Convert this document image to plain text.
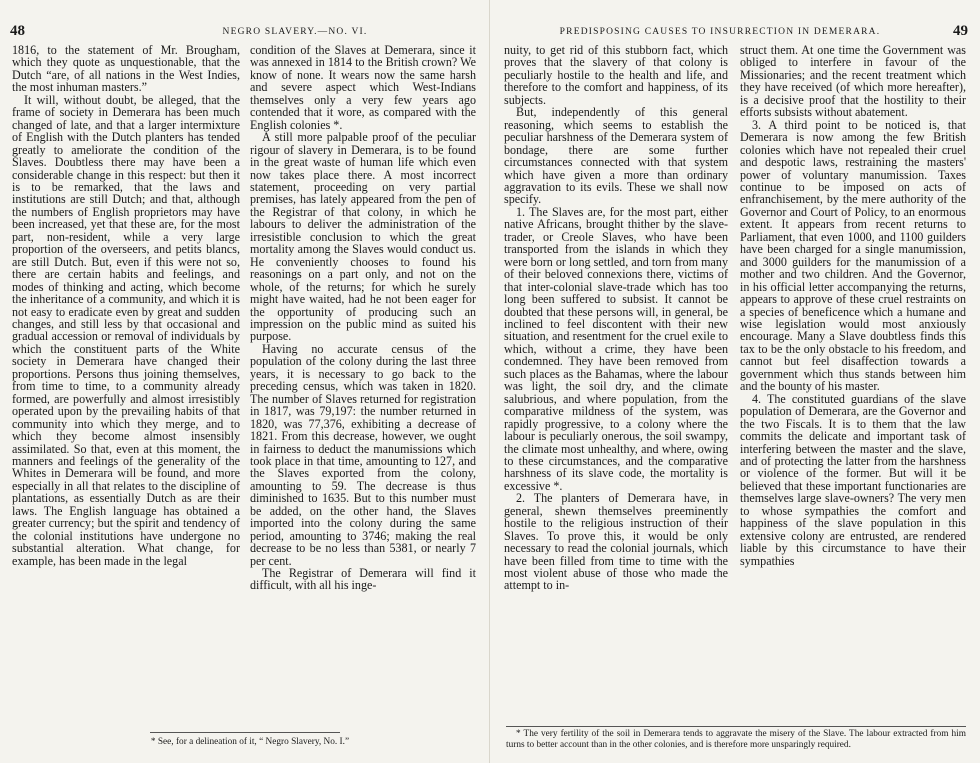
48	NEGRO SLAVERY.—NO. VI.

1816, to the statement of Mr. Brougham, which they quote as unquestionable, that the Dutch “are, of all nations in the West Indies, the most inhuman masters.”

It will, without doubt, be alleged, that the frame of society in Demerara has been much changed of late, and that a larger intermixture of English with the Dutch planters has tended greatly to ameliorate the condition of the Slaves. Doubtless there may have been a considerable change in this respect: but then it is to be remarked, that the laws and institutions are still Dutch; and that, although the numbers of English proprietors may have been increased, yet that these are, for the most part, non-resident, while a very large proportion of the overseers, and petits blancs, are still Dutch. But, even if this were not so, there are certain habits and feelings, and modes of thinking and acting, which become the inheritance of a community, and which it is not easy to eradicate even by great and sudden changes, and still less by that occasional and gradual accession or removal of individuals by which the constituent parts of the White society in Demerara have changed their proportions. Persons thus joining themselves, from time to time, to a community already formed, are powerfully and almost irresistibly operated upon by the prevailing habits of that community into which they merge, and to which they become almost insensibly assimilated. So that, even at this moment, the manners and feelings of the generality of the Whites in Demerara will be found, and more especially in all that relates to the discipline of plantations, as essentially Dutch as are their laws. The English language has obtained a greater currency; but the spirit and tendency of the colonial institutions have undergone no substantial alteration. What change, for example, has been made in the legal

condition of the Slaves at Demerara, since it was annexed in 1814 to the British crown? We know of none. It wears now the same harsh and severe aspect which West-Indians themselves only a very few years ago contended that it wore, as compared with the English colonies *.

A still more palpable proof of the peculiar rigour of slavery in Demerara, is to be found in the great waste of human life which even now takes place there. A most incorrect statement, proceeding on very partial premises, has lately appeared from the pen of the Registrar of that colony, in which he labours to deliver the administration of the irresistible conclusion to which the great mortality among the Slaves would conduct us. He conveniently chooses to found his reasonings on a part only, and not on the whole, of the returns; for which he surely might have waited, had he not been eager for the opportunity of producing such an impression on the public mind as suited his purpose.

Having no accurate census of the population of the colony during the last three years, it is necessary to go back to the preceding census, which was taken in 1820. The number of Slaves returned for registration in 1817, was 79,197: the number returned in 1820, was 77,376, exhibiting a decrease of 1821. From this decrease, however, we ought in fairness to deduct the manumissions which took place in that time, amounting to 127, and the Slaves exported from the colony, amounting to 59. The decrease is thus diminished to 1635. But to this number must be added, on the other hand, the Slaves imported into the colony during the same period, amounting to 3746; making the real decrease to be no less than 5381, or nearly 7 per cent.

The Registrar of Demerara will find it difficult, with all his inge-

* See, for a delineation of it, “ Negro Slavery, No. I.”

PREDISPOSING CAUSES TO INSURRECTION IN DEMERARA.	49

nuity, to get rid of this stubborn fact, which proves that the slavery of that colony is peculiarly hostile to the health and life, and therefore to the comfort and happiness, of its subjects.

But, independently of this general reasoning, which seems to establish the peculiar harshness of the Demerara system of bondage, there are some further circumstances connected with that system which have given a more than ordinary aggravation to its evils. These we shall now specify.

1. The Slaves are, for the most part, either native Africans, brought thither by the slave-trader, or Creole Slaves, who have been transported from the islands in which they were born or long settled, and torn from many of their beloved connexions there, victims of that inter-colonial slave-trade which has too long been suffered to subsist. It cannot be doubted that these persons will, in general, be inclined to feel discontent with their new situation, and resentment for the cruel exile to which, without a crime, they have been condemned. They have been removed from such places as the Bahamas, where the labour was light, the soil dry, and the climate salubrious, and where population, from the comparative mildness of the system, was rapidly progressive, to a colony where the labour is peculiarly onerous, the soil swampy, the climate most unhealthy, and where, owing to these circumstances, and the comparative harshness of its slave code, the mortality is excessive *.

2. The planters of Demerara have, in general, shewn themselves preeminently hostile to the religious instruction of their Slaves. To prove this, it would be only necessary to read the colonial journals, which have been filled from time to time with the most violent abuse of those who made the attempt to in-

struct them. At one time the Government was obliged to interfere in favour of the Missionaries; and the recent treatment which they have received (of which more hereafter), is a decisive proof that the hostility to their efforts subsists without abatement.

3. A third point to be noticed is, that Demerara is now among the few British colonies which have not repealed their cruel and despotic laws, restraining the masters' power of voluntary manumission. Taxes continue to be imposed on acts of enfranchisement, by the mere authority of the Governor and Court of Policy, to an enormous extent. It appears from recent returns to Parliament, that even 1000, and 1100 guilders have been charged for a single manumission, and 3000 guilders for the manumission of a mother and two children. And the Governor, in his official letter accompanying the returns, appears to approve of these cruel restraints on a species of beneficence which a humane and wise legislation would most anxiously encourage. Many a Slave doubtless finds this tax to be the only obstacle to his freedom, and cannot but feel disaffection towards a government which thus stands between him and the bounty of his master.

4. The constituted guardians of the slave population of Demerara, are the Governor and the two Fiscals. It is to them that the law commits the delicate and important task of interfering between the master and the slave, and of protecting the latter from the harshness or violence of the former. But will it be believed that these important functionaries are themselves large slave-owners? The very men to whose sympathies the comfort and happiness of the slave population in this extensive colony are entrusted, are rendered liable by this circumstance to have their sympathies

* The very fertility of the soil in Demerara tends to aggravate the misery of the Slave. The labour extracted from him turns to better account than in the other colonies, and is therefore more unsparingly required.
